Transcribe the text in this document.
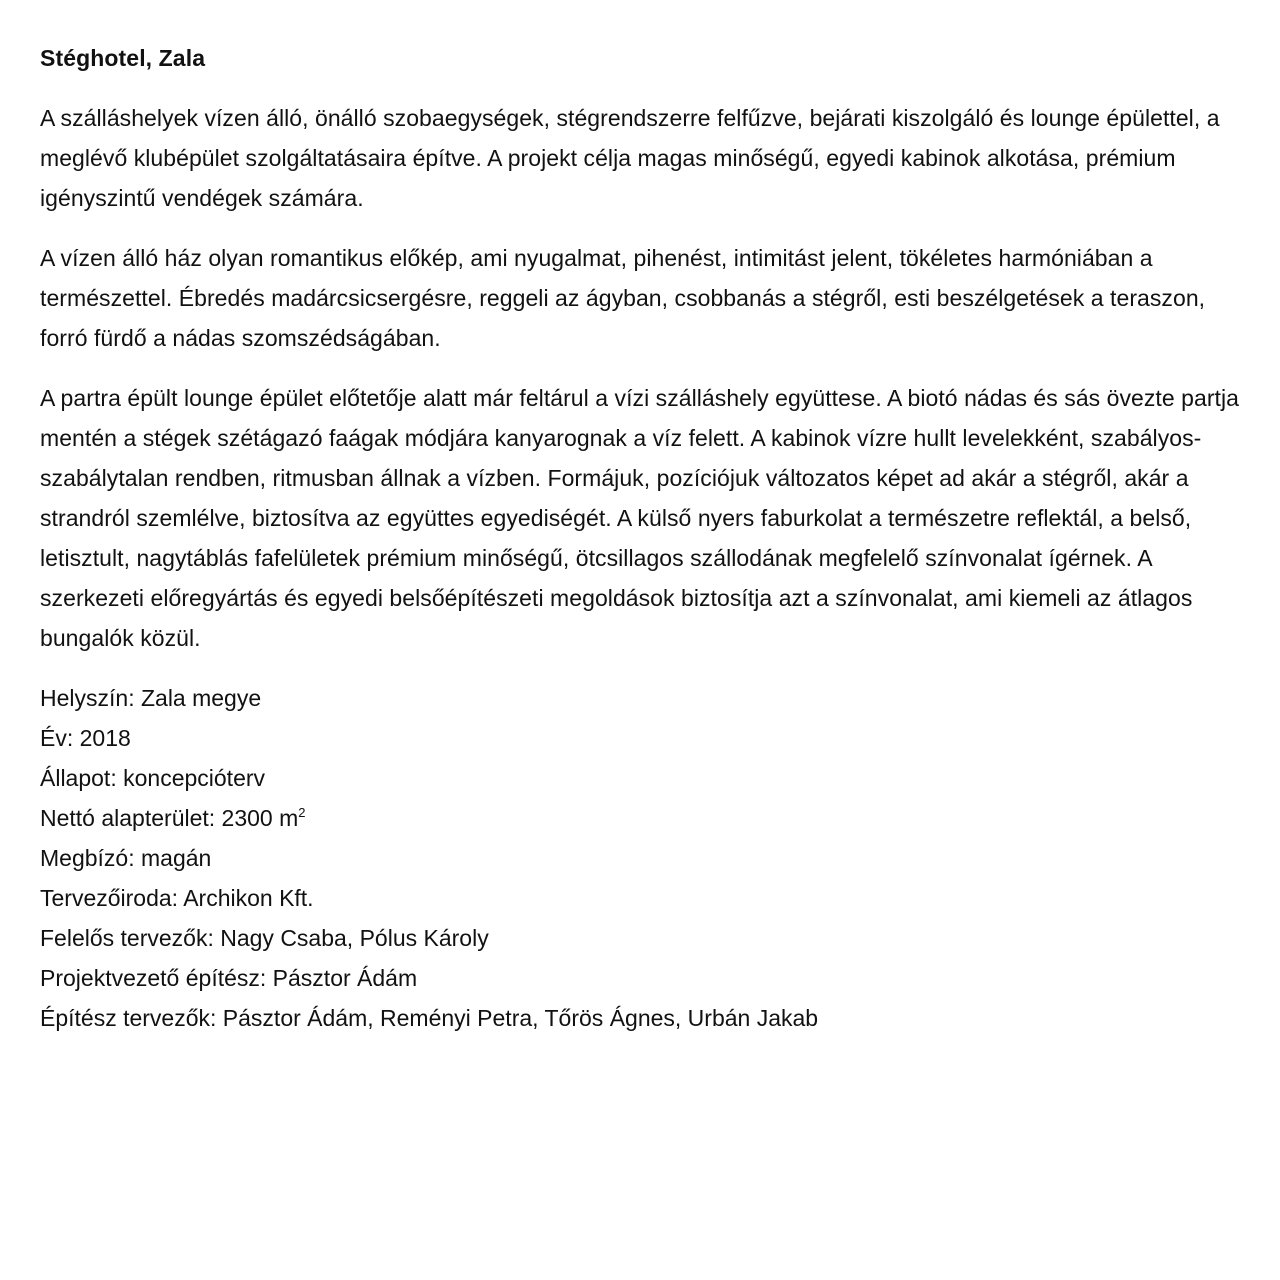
Stéghotel, Zala

A szálláshelyek vízen álló, önálló szobaegységek, stégrendszerre felfűzve, bejárati kiszolgáló és lounge épülettel, a meglévő klubépület szolgáltatásaira építve. A projekt célja magas minőségű, egyedi kabinok alkotása, prémium igényszintű vendégek számára.

A vízen álló ház olyan romantikus előkép, ami nyugalmat, pihenést, intimitást jelent, tökéletes harmóniában a természettel. Ébredés madárcsicsergésre, reggeli az ágyban, csobbanás a stégről, esti beszélgetések a teraszon, forró fürdő a nádas szomszédságában.

A partra épült lounge épület előtetője alatt már feltárul a vízi szálláshely együttese. A biotó nádas és sás övezte partja mentén a stégek szétágazó faágak módjára kanyarognak a víz felett. A kabinok vízre hullt levelekként, szabályos-szabálytalan rendben, ritmusban állnak a vízben. Formájuk, pozíciójuk változatos képet ad akár a stégről, akár a strandról szemlélve, biztosítva az együttes egyediségét. A külső nyers faburkolat a természetre reflektál, a belső, letisztult, nagytáblás fafelületek prémium minőségű, ötcsillagos szállodának megfelelő színvonalat ígérnek. A szerkezeti előregyártás és egyedi belsőépítészeti megoldások biztosítja azt a színvonalat, ami kiemeli az átlagos bungalók közül.

Helyszín: Zala megye
Év: 2018
Állapot: koncepcióterv
Nettó alapterület: 2300 $m^2$
Megbízó: magán
Tervezőiroda: Archikon Kft.
Felelős tervezők: Nagy Csaba, Pólus Károly
Projektvezető építész: Pásztor Ádám
Építész tervezők: Pásztor Ádám, Reményi Petra, Tőrös Ágnes, Urbán Jakab
